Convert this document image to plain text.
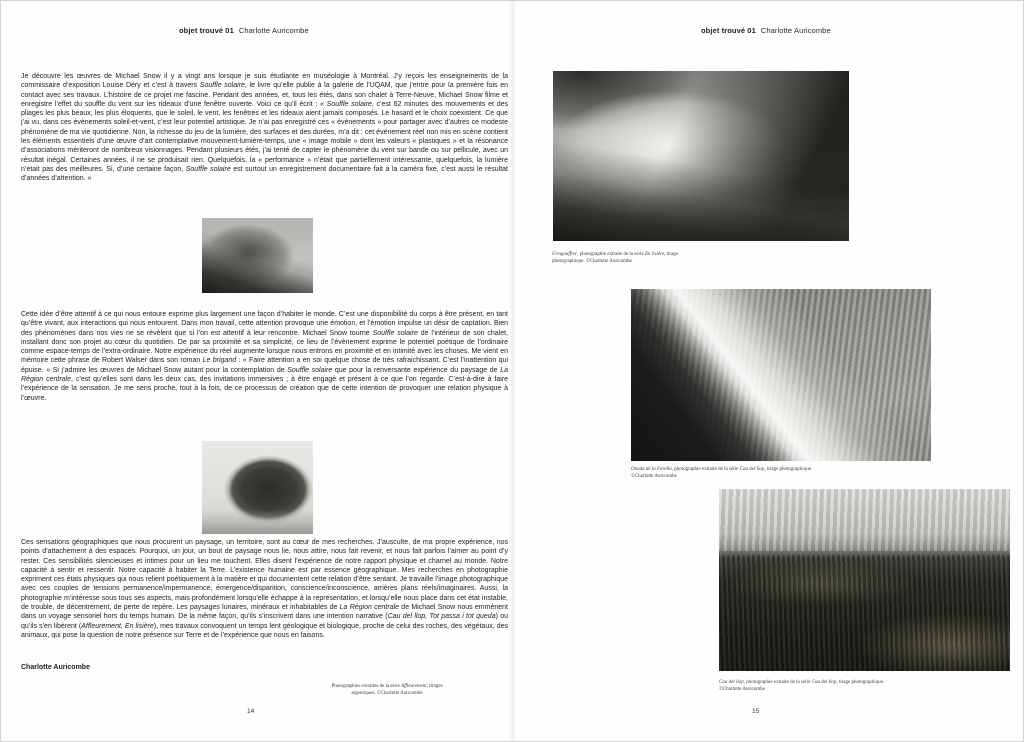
objet trouvé 01 Charlotte Auricombe

Je découvre les œuvres de Michael Snow il y a vingt ans lorsque je suis étudiante en muséologie à Montréal. J’y reçois les enseignements de la commissaire d’exposition Louise Déry et c’est à travers Souffle solaire, le livre qu’elle publie à la galerie de l’UQAM, que j’entre pour la première fois en contact avec ses travaux. L’histoire de ce projet me fascine. Pendant des années, et, tous les étés, dans son chalet à Terre-Neuve, Michael Snow filme et enregistre l’effet du souffle du vent sur les rideaux d’une fenêtre ouverte. Voici ce qu’il écrit : « Souffle solaire, c’est 62 minutes des mouvements et des pliages les plus beaux, les plus éloquents, que le soleil, le vent, les fenêtres et les rideaux aient jamais composés. Le hasard et le choix coexistent. Ce que j’ai vu, dans ces évènements soleil-et-vent, c’est leur potentiel artistique. Je n’ai pas enregistré ces « événements » pour partager avec d’autres ce modeste phénomène de ma vie quotidienne. Non, la richesse du jeu de la lumière, des surfaces et des durées, m’a dit : cet événement réel non mis en scène contient les éléments essentiels d’une œuvre d’art contemplative mouvement-lumière-temps, une « image mobile » dont les valeurs « plastiques » et la résonance d’associations mériteront de nombreux visionnages. Pendant plusieurs étés, j’ai tenté de capter le phénomène du vent sur bande ou sur pellicule, avec un résultat inégal. Certaines années, il ne se produisait rien. Quelquefois, la « performance » n’était que partiellement intéressante, quelquefois, la lumière n’était pas des meilleures. Si, d’une certaine façon, Souffle solaire est surtout un enregistrement documentaire fait à la caméra fixe, c’est aussi le résultat d’années d’attention. »

Cette idée d’être attentif à ce qui nous entoure exprime plus largement une façon d’habiter le monde. C’est une disponibilité du corps à être présent, en tant qu’être vivant, aux interactions qui nous entourent. Dans mon travail, cette attention provoque une émotion, et l’émotion impulse un désir de captation. Bien des phénomènes dans nos vies ne se révèlent que si l’on est attentif à leur rencontre. Michael Snow tourne Souffle solaire de l’intérieur de son chalet, installant donc son projet au cœur du quotidien. De par sa proximité et sa simplicité, ce lieu de l’évènement exprime le potentiel poétique de l’ordinaire comme espace-temps de l’extra-ordinaire. Notre expérience du réel augmente lorsque nous entrons en proximité et en intimité avec les choses. Me vient en mémoire cette phrase de Robert Walser dans son roman Le brigand : « Faire attention a en soi quelque chose de très rafraichissant. C’est l’inattention qui épuise. » Si j’admire les œuvres de Michael Snow autant pour la contemplation de Souffle solaire que pour la renversante expérience du paysage de La Région centrale, c’est qu’elles sont dans les deux cas, des invitations immersives ; à être engagé et présent à ce que l’on regarde. C’est-à-dire à faire l’expérience de la sensation. Je me sens proche, tout à la fois, de ce processus de création que de cette intention de provoquer une relation physique à l’œuvre.

Ces sensations géographiques que nous procurent un paysage, un territoire, sont au cœur de mes recherches. J’ausculte, de ma propre expérience, nos points d’attachement à des espaces. Pourquoi, un jour, un bout de paysage nous lie, nous attire, nous fait revenir, et nous fait parfois l’aimer au point d’y rester. Ces sensibilités silencieuses et intimes pour un lieu me touchent. Elles disent l’expérience de notre rapport physique et charnel au monde. Notre capacité à sentir et ressentir. Notre capacité à habiter la Terre. L’existence humaine est par essence géographique. Mes recherches en photographie expriment ces états physiques qui nous relient poétiquement à la matière et qui documentent cette relation d’être sentant. Je travaille l’image photographique avec ces couples de tensions permanence/impermanence, émergence/disparition, conscience/inconscience, arrières plans réels/imaginaires. Aussi, la photographie m’intéresse sous tous ses aspects, mais profondément lorsqu’elle échappe à la représentation, et lorsqu’elle nous place dans cet état instable, de trouble, de décentrement, de perte de repère. Les paysages lunaires, minéraux et inhabitables de La Région centrale de Michael Snow nous emmènent dans un voyage sensoriel hors du temps humain. De la même façon, qu’ils s’inscrivent dans une intention narrative (Cau del llop, Tot passa i tot queda) ou qu’ils s’en libèrent (Affleurement, En lisière), mes travaux convoquent un temps lent géologique et biologique, proche de celui des roches, des végétaux, des animaux, qui pose la question de notre présence sur Terre et de l’expérience que nous en faisons.

Charlotte Auricombe
Photographies extraites de la série Affleurement, tirages argentiques. ©Charlotte Auricombe
14
objet trouvé 01 Charlotte Auricombe
S’engouffrer, photographie extraite de la série En lisière, tirage photographique. ©Charlotte Auricombe
Onada de la Farella, photographie extraite de la série Cau del llop, tirage photographique. ©Charlotte Auricombe
Cau del llop, photographie extraite de la série Cau del llop, tirage photographique. ©Charlotte Auricombe
15
